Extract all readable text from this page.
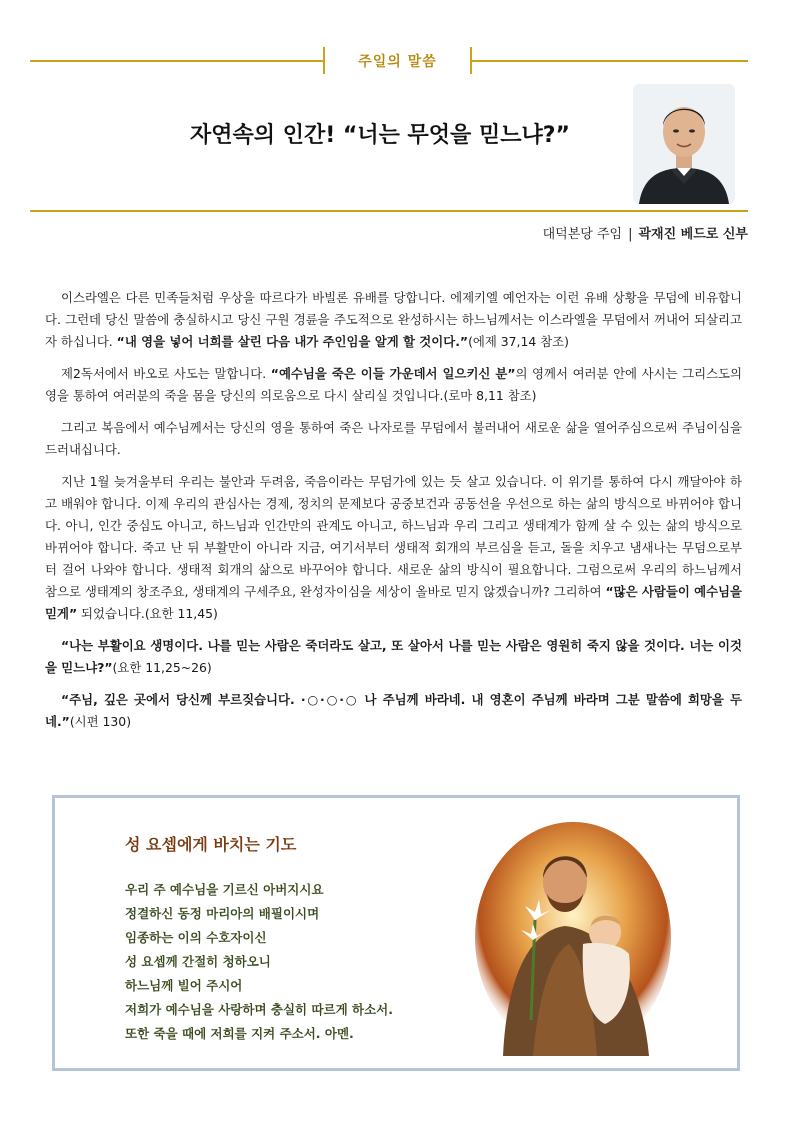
주일의 말씀
자연속의 인간! “너는 무엇을 믿느냐?”
대덕본당 주임 | 곽재진 베드로 신부

이스라엘은 다른 민족들처럼 우상을 따르다가 바빌론 유배를 당합니다. 에제키엘 예언자는 이런 유배 상황을 무덤에 비유합니다. 그런데 당신 말씀에 충실하시고 당신 구원 경륜을 주도적으로 완성하시는 하느님께서는 이스라엘을 무덤에서 꺼내어 되살리고자 하십니다. “내 영을 넣어 너희를 살린 다음 내가 주인임을 알게 할 것이다.”(에제 37,14 참조)

제2독서에서 바오로 사도는 말합니다. “예수님을 죽은 이들 가운데서 일으키신 분”의 영께서 여러분 안에 사시는 그리스도의 영을 통하여 여러분의 죽을 몸을 당신의 의로움으로 다시 살리실 것입니다.(로마 8,11 참조)

그리고 복음에서 예수님께서는 당신의 영을 통하여 죽은 나자로를 무덤에서 불러내어 새로운 삶을 열어주심으로써 주님이심을 드러내십니다.

지난 1월 늦겨울부터 우리는 불안과 두려움, 죽음이라는 무덤가에 있는 듯 살고 있습니다. 이 위기를 통하여 다시 깨달아야 하고 배워야 합니다. 이제 우리의 관심사는 경제, 정치의 문제보다 공중보건과 공동선을 우선으로 하는 삶의 방식으로 바뀌어야 합니다. 아니, 인간 중심도 아니고, 하느님과 인간만의 관계도 아니고, 하느님과 우리 그리고 생태계가 함께 살 수 있는 삶의 방식으로 바뀌어야 합니다. 죽고 난 뒤 부활만이 아니라 지금, 여기서부터 생태적 회개의 부르심을 듣고, 돌을 치우고 냄새나는 무덤으로부터 걸어 나와야 합니다. 생태적 회개의 삶으로 바꾸어야 합니다. 새로운 삶의 방식이 필요합니다. 그럼으로써 우리의 하느님께서 참으로 생태계의 창조주요, 생태계의 구세주요, 완성자이심을 세상이 올바로 믿지 않겠습니까? 그리하여 “많은 사람들이 예수님을 믿게” 되었습니다.(요한 11,45)

“나는 부활이요 생명이다. 나를 믿는 사람은 죽더라도 살고, 또 살아서 나를 믿는 사람은 영원히 죽지 않을 것이다. 너는 이것을 믿느냐?”(요한 11,25~26)

“주님, 깊은 곳에서 당신께 부르짖습니다. ·○·○·○ 나 주님께 바라네. 내 영혼이 주님께 바라며 그분 말씀에 희망을 두네.”(시편 130)

성 요셉에게 바치는 기도
우리 주 예수님을 기르신 아버지시요
정결하신 동정 마리아의 배필이시며
임종하는 이의 수호자이신
성 요셉께 간절히 청하오니
하느님께 빌어 주시어
저희가 예수님을 사랑하며 충실히 따르게 하소서.
또한 죽을 때에 저희를 지켜 주소서. 아멘.
